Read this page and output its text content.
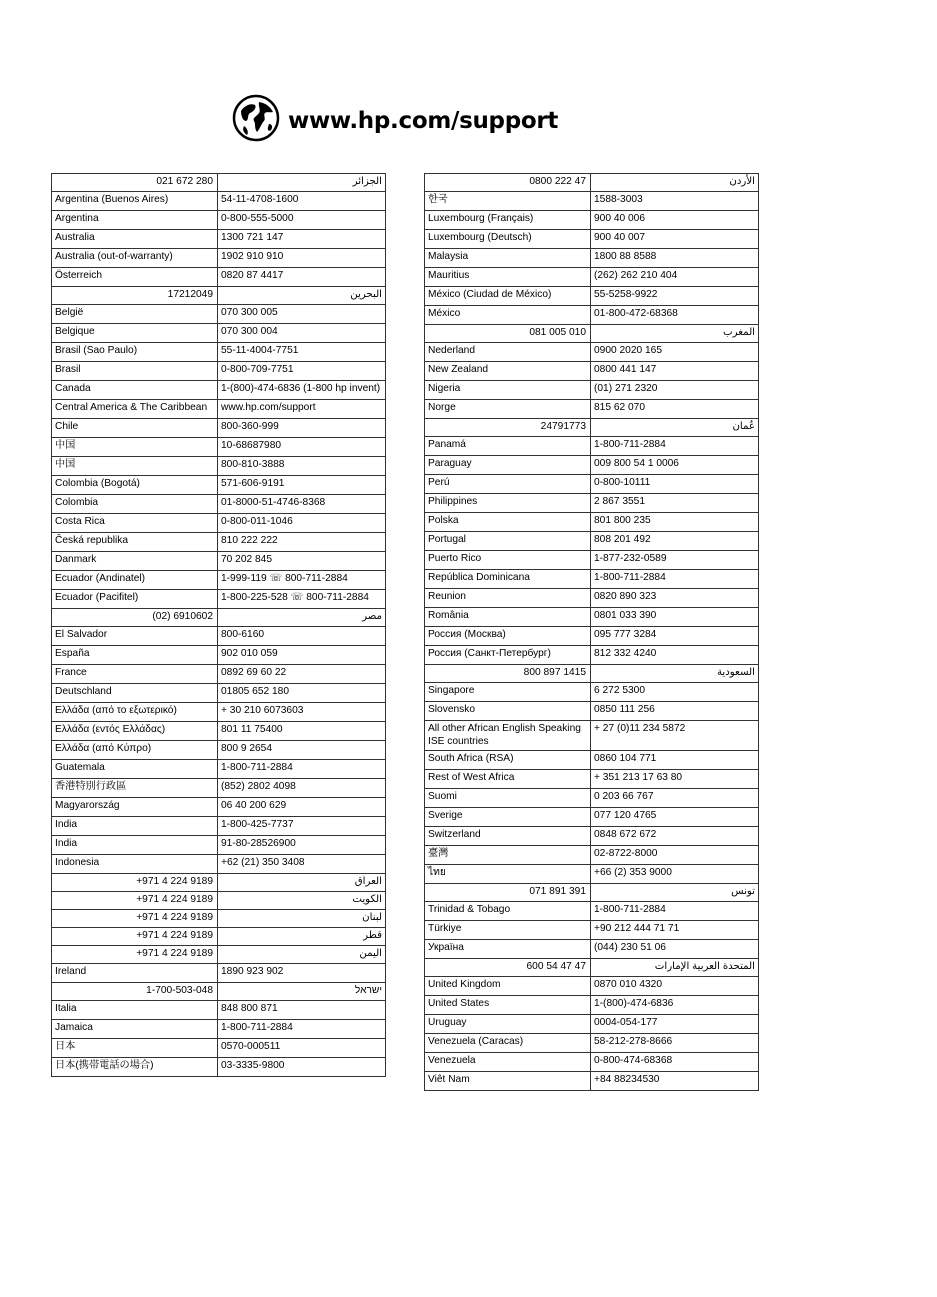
www.hp.com/support
021 672 280	الجزائر
Argentina (Buenos Aires)	54-11-4708-1600
Argentina	0-800-555-5000
Australia	1300 721 147
Australia (out-of-warranty)	1902 910 910
Österreich	0820 87 4417
17212049	البحرين
België	070 300 005
Belgique	070 300 004
Brasil (Sao Paulo)	55-11-4004-7751
Brasil	0-800-709-7751
Canada	1-(800)-474-6836 (1-800 hp invent)
Central America & The Caribbean	www.hp.com/support
Chile	800-360-999
中国	10-68687980
中国	800-810-3888
Colombia (Bogotá)	571-606-9191
Colombia	01-8000-51-4746-8368
Costa Rica	0-800-011-1046
Česká republika	810 222 222
Danmark	70 202 845
Ecuador (Andinatel)	1-999-119 ☏ 800-711-2884
Ecuador (Pacifitel)	1-800-225-528 ☏ 800-711-2884
(02) 6910602	مصر
El Salvador	800-6160
España	902 010 059
France	0892 69 60 22
Deutschland	01805 652 180
Ελλάδα (από το εξωτερικό)	+ 30 210 6073603
Ελλάδα (εντός Ελλάδας)	801 11 75400
Ελλάδα (από Κύπρο)	800 9 2654
Guatemala	1-800-711-2884
香港特別行政區	(852) 2802 4098
Magyarország	06 40 200 629
India	1-800-425-7737
India	91-80-28526900
Indonesia	+62 (21) 350 3408
+971 4 224 9189	العراق
+971 4 224 9189	الكويت
+971 4 224 9189	لبنان
+971 4 224 9189	قطر
+971 4 224 9189	اليمن
Ireland	1890 923 902
1-700-503-048	ישראל
Italia	848 800 871
Jamaica	1-800-711-2884
日本	0570-000511
日本(携帯電話の場合)	03-3335-9800
0800 222 47	الأردن
한국	1588-3003
Luxembourg (Français)	900 40 006
Luxembourg (Deutsch)	900 40 007
Malaysia	1800 88 8588
Mauritius	(262) 262 210 404
México (Ciudad de México)	55-5258-9922
México	01-800-472-68368
081 005 010	المغرب
Nederland	0900 2020 165
New Zealand	0800 441 147
Nigeria	(01) 271 2320
Norge	815 62 070
24791773	عُمان
Panamá	1-800-711-2884
Paraguay	009 800 54 1 0006
Perú	0-800-10111
Philippines	2 867 3551
Polska	801 800 235
Portugal	808 201 492
Puerto Rico	1-877-232-0589
República Dominicana	1-800-711-2884
Reunion	0820 890 323
România	0801 033 390
Россия (Москва)	095 777 3284
Россия (Санкт-Петербург)	812 332 4240
800 897 1415	السعودية
Singapore	6 272 5300
Slovensko	0850 111 256
All other African English Speaking ISE countries	+ 27 (0)11 234 5872
South Africa (RSA)	0860 104 771
Rest of West Africa	+ 351 213 17 63 80
Suomi	0 203 66 767
Sverige	077 120 4765
Switzerland	0848 672 672
臺灣	02-8722-8000
ไทย	+66 (2) 353 9000
071 891 391	تونس
Trinidad & Tobago	1-800-711-2884
Türkiye	+90 212 444 71 71
Україна	(044) 230 51 06
600 54 47 47	المتحدة العربية الإمارات
United Kingdom	0870 010 4320
United States	1-(800)-474-6836
Uruguay	0004-054-177
Venezuela (Caracas)	58-212-278-8666
Venezuela	0-800-474-68368
Viêt Nam	+84 88234530
